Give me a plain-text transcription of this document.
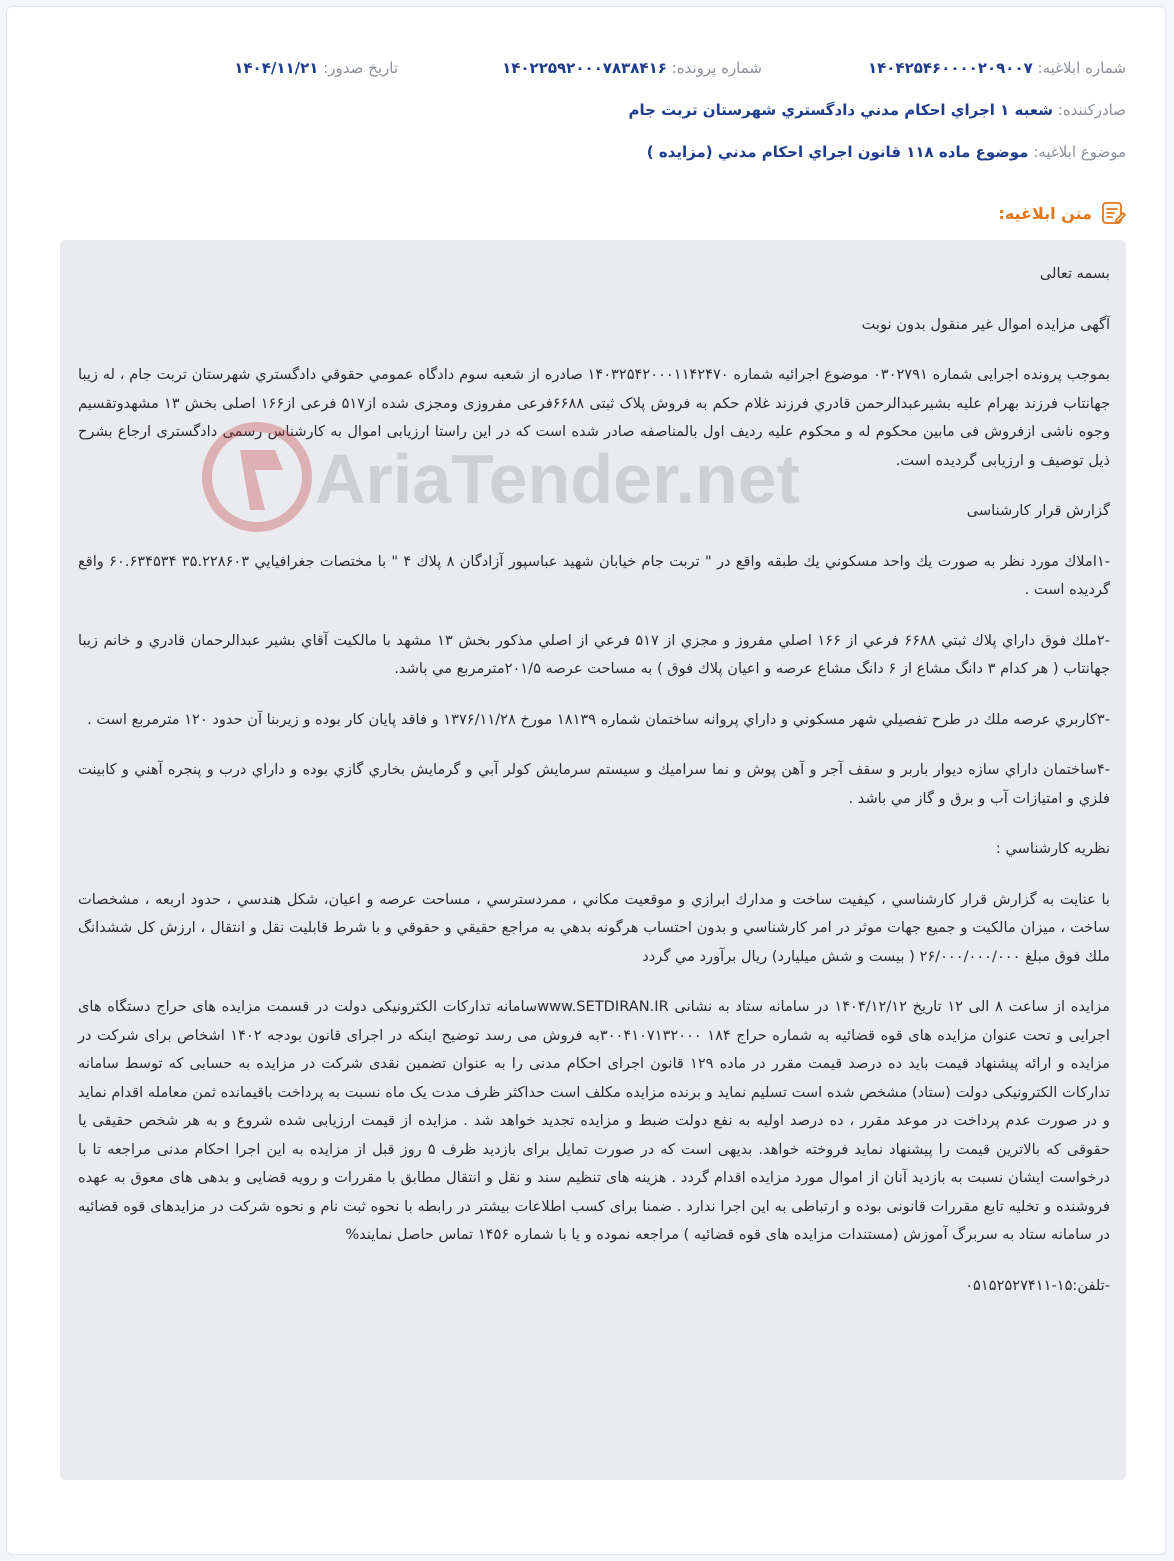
شماره ابلاغيه: ۱۴۰۴۲۵۴۶۰۰۰۰۲۰۹۰۰۷
شماره پرونده: ۱۴۰۲۲۵۹۲۰۰۰۷۸۳۸۴۱۶
تاريخ صدور: ۱۴۰۴/۱۱/۲۱
صادرکننده: شعبه ۱ اجراي احکام مدني دادگستري شهرستان تربت جام
موضوع ابلاغيه: موضوع ماده ۱۱۸ قانون اجراي احكام مدني (مزايده )
متن ابلاغيه:

بسمه تعالی

آگهی مزایده اموال غیر منقول بدون نوبت

بموجب پرونده اجرایی شماره ۰۳۰۲۷۹۱ موضوع اجرائیه شماره ۱۴۰۳۲۵۴۲۰۰۰۱۱۴۲۴۷۰ صادره از شعبه سوم دادگاه عمومي حقوقي دادگستري شهرستان تربت جام ، له زيبا جهانتاب فرزند بهرام عليه بشيرعبدالرحمن قادري فرزند غلام حکم به فروش پلاک ثبتی ۶۶۸۸فرعی مفروزی ومجزی شده از۵۱۷ فرعی از۱۶۶ اصلی بخش ۱۳ مشهدوتقسیم وجوه ناشی ازفروش فی مابین محکوم له و محکوم علیه ردیف اول بالمناصفه صادر شده است که در این راستا ارزیابی اموال به کارشناس رسمی دادگستری ارجاع بشرح ذیل توصیف و ارزیابی گردیده است.

گزارش قرار کارشناسی

-۱املاك مورد نظر به صورت يك واحد مسكوني يك طبقه واقع در " تربت جام خيابان شهيد عباسپور آزادگان ۸ پلاك ۴ " با مختصات جغرافيايي ۳۵.۲۲۸۶۰۳ ۶۰.۶۳۴۵۳۴ واقع گرديده است .

-۲ملك فوق داراي پلاك ثبتي ۶۶۸۸ فرعي از ۱۶۶ اصلي مفروز و مجزي از ۵۱۷ فرعي از اصلي مذكور بخش ۱۳ مشهد با مالكيت آقاي بشير عبدالرحمان قادري و خانم زيبا جهانتاب ( هر كدام ۳ دانگ مشاع از ۶ دانگ مشاع عرصه و اعيان پلاك فوق ) به مساحت عرصه ۲۰۱/۵مترمربع مي باشد.

-۳كاربري عرصه ملك در طرح تفصيلي شهر مسكوني و داراي پروانه ساختمان شماره ۱۸۱۳۹ مورخ ۱۳۷۶/۱۱/۲۸ و فاقد پايان كار بوده و زيربنا آن حدود ۱۲۰ مترمربع است .

-۴ساختمان داراي سازه ديوار باربر و سقف آجر و آهن پوش و نما سراميك و سيستم سرمايش كولر آبي و گرمايش بخاري گازي بوده و داراي درب و پنجره آهني و كابينت فلزي و امتيازات آب و برق و گاز مي باشد .

نظريه كارشناسي :

با عنايت به گزارش قرار كارشناسي ، كيفيت ساخت و مدارك ابرازي و موقعيت مكاني ، ممردسترسي ، مساحت عرصه و اعيان، شكل هندسي ، حدود اربعه ، مشخصات ساخت ، ميزان مالكيت و جميع جهات موثر در امر كارشناسي و بدون احتساب هرگونه بدهي به مراجع حقيقي و حقوقي و با شرط قابليت نقل و انتقال ، ارزش كل ششدانگ ملك فوق مبلغ ۲۶/۰۰۰/۰۰۰/۰۰۰ ( بيست و شش ميليارد) ريال برآورد مي گردد

مزایده از ساعت ۸ الی ۱۲ تاریخ ۱۴۰۴/۱۲/۱۲ در سامانه ستاد به نشانی www.SETDIRAN.IRسامانه تدارکات الکترونیکی دولت در قسمت مزایده های حراج دستگاه های اجرایی و تحت عنوان مزایده های قوه قضائیه به شماره حراج ۱۸۴ ۳۰۰۴۱۰۷۱۳۲۰۰۰به فروش می رسد توضیح اینکه در اجرای قانون بودجه ۱۴۰۲ اشخاص برای شرکت در مزایده و ارائه پیشنهاد قیمت باید ده درصد قیمت مقرر در ماده ۱۲۹ قانون اجرای احکام مدنی را به عنوان تضمین نقدی شرکت در مزایده به حسابی که توسط سامانه تدارکات الکترونیکی دولت (ستاد) مشخص شده است تسلیم نماید و برنده مزایده مکلف است حداکثر ظرف مدت یک ماه نسبت به پرداخت باقیمانده ثمن معامله اقدام نماید و در صورت عدم پرداخت در موعد مقرر ، ده درصد اولیه به نفع دولت ضبط و مزایده تجدید خواهد شد . مزایده از قیمت ارزیابی شده شروع و به هر شخص حقیقی یا حقوقی که بالاترین قیمت را پیشنهاد نماید فروخته خواهد. بدیهی است که در صورت تمایل برای بازدید ظرف ۵ روز قبل از مزایده به این اجرا احکام مدنی مراجعه تا با درخواست ایشان نسبت به بازدید آنان از اموال مورد مزایده اقدام گردد . هزینه های تنظیم سند و نقل و انتقال مطابق با مقررات و رویه قضایی و بدهی های معوق به عهده فروشنده و تخلیه تابع مقررات قانونی بوده و ارتباطی به این اجرا ندارد . ضمنا برای کسب اطلاعات بیشتر در رابطه با نحوه ثبت نام و نحوه شرکت در مزایدهای قوه قضائیه در سامانه ستاد به سربرگ آموزش (مستندات مزایده های قوه قضائیه ) مراجعه نموده و یا با شماره ۱۴۵۶ تماس حاصل نمایند%

-تلفن:۱۵-۰۵۱۵۲۵۲۷۴۱۱

AriaTender.net
